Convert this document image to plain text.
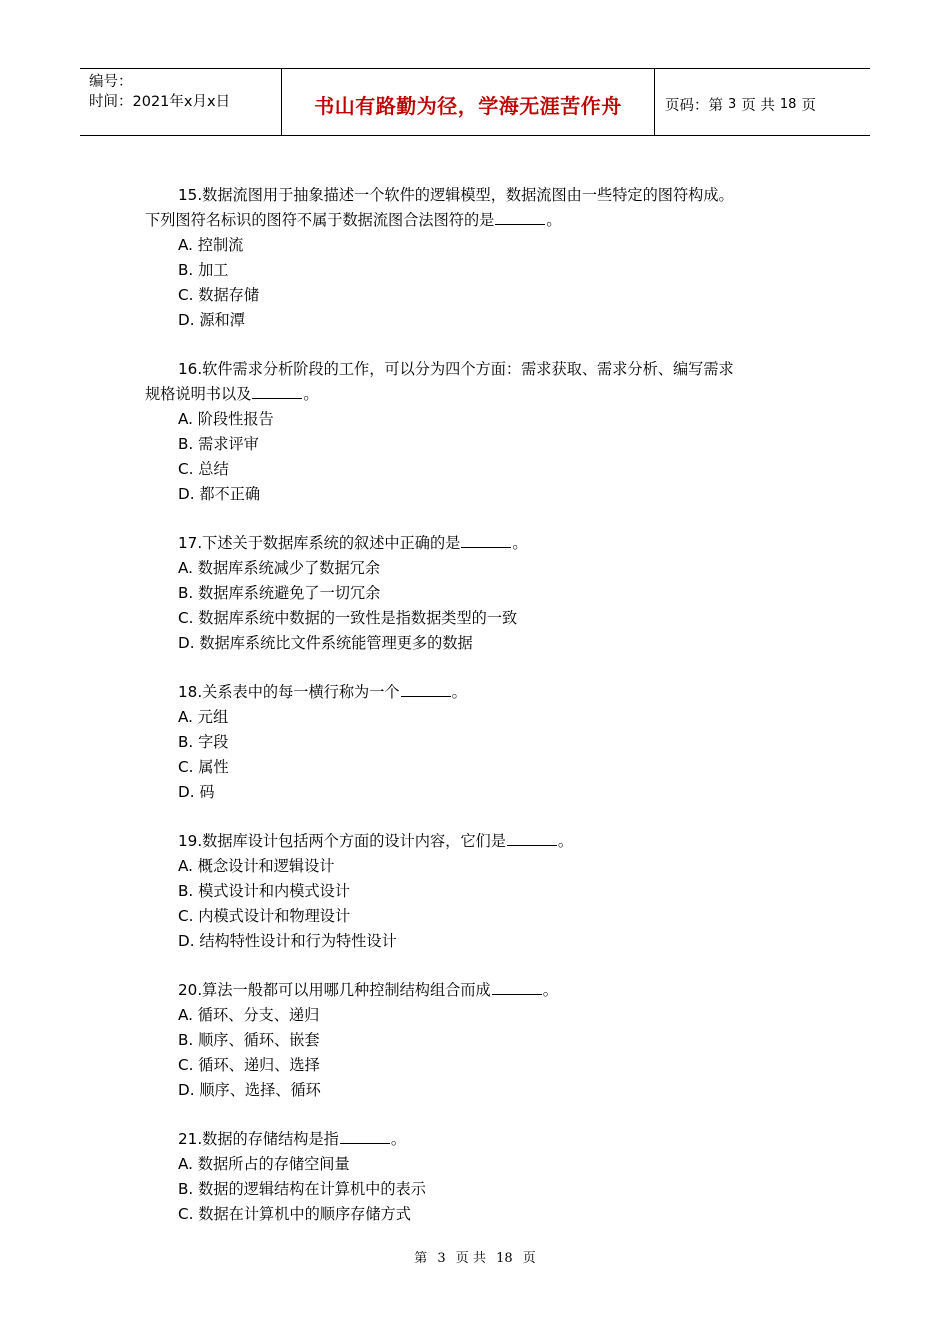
编号：
时间：2021年x月x日	书山有路勤为径，学海无涯苦作舟	页码：第 3 页 共 18 页
15.数据流图用于抽象描述一个软件的逻辑模型，数据流图由一些特定的图符构成。
下列图符名标识的图符不属于数据流图合法图符的是	。
A. 控制流
B. 加工
C. 数据存储
D. 源和潭
16.软件需求分析阶段的工作，可以分为四个方面：需求获取、需求分析、编写需求
规格说明书以及	。
A. 阶段性报告
B. 需求评审
C. 总结
D. 都不正确
17.下述关于数据库系统的叙述中正确的是	。
A. 数据库系统减少了数据冗余
B. 数据库系统避免了一切冗余
C. 数据库系统中数据的一致性是指数据类型的一致
D. 数据库系统比文件系统能管理更多的数据
18.关系表中的每一横行称为一个	。
A. 元组
B. 字段
C. 属性
D. 码
19.数据库设计包括两个方面的设计内容，它们是	。
A. 概念设计和逻辑设计
B. 模式设计和内模式设计
C. 内模式设计和物理设计
D. 结构特性设计和行为特性设计
20.算法一般都可以用哪几种控制结构组合而成	。
A. 循环、分支、递归
B. 顺序、循环、嵌套
C. 循环、递归、选择
D. 顺序、选择、循环
21.数据的存储结构是指	。
A. 数据所占的存储空间量
B. 数据的逻辑结构在计算机中的表示
C. 数据在计算机中的顺序存储方式
第 3 页 共 18 页
